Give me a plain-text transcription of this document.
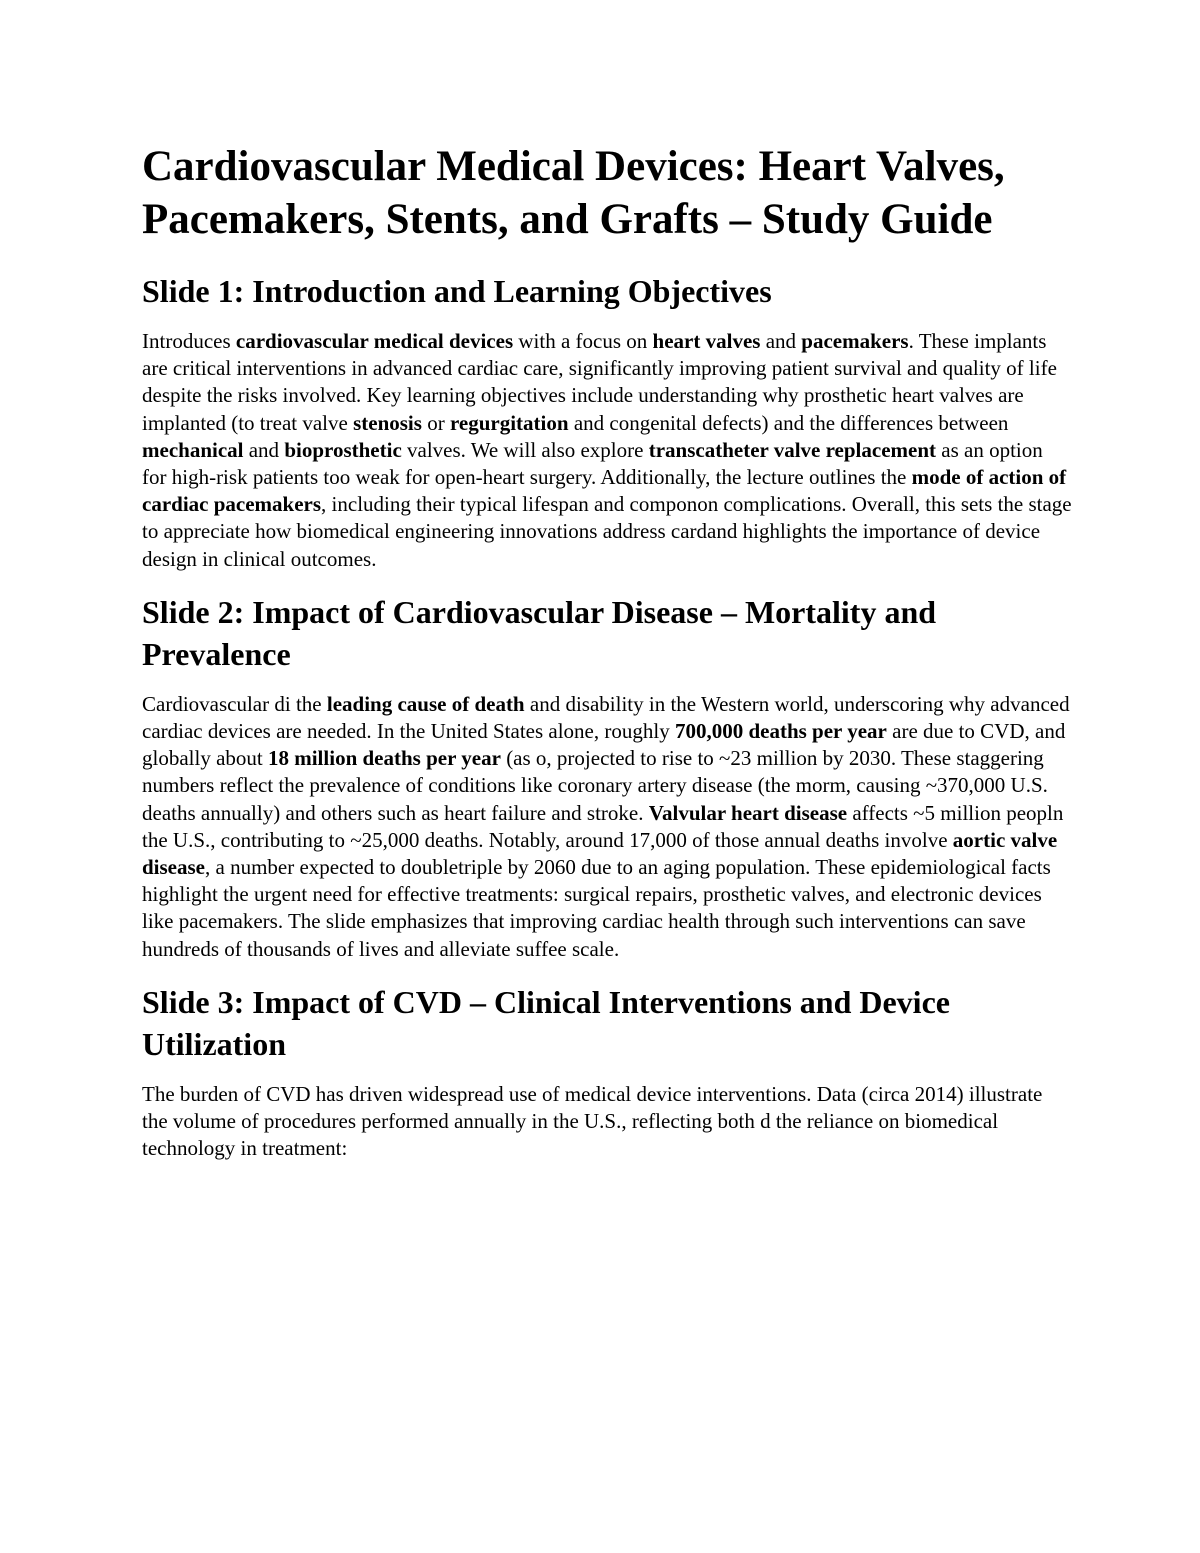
Cardiovascular Medical Devices: Heart Valves, Pacemakers, Stents, and Grafts – Study Guide
Slide 1: Introduction and Learning Objectives

Introduces cardiovascular medical devices with a focus on heart valves and pacemakers. These implants are critical interventions in advanced cardiac care, significantly improving patient survival and quality of life despite the risks involved. Key learning objectives include understanding why prosthetic heart valves are implanted (to treat valve stenosis or regurgitation and congenital defects) and the differences between mechanical and bioprosthetic valves. We will also explore transcatheter valve replacement as an option for high-risk patients too weak for open-heart surgery. Additionally, the lecture outlines the mode of action of cardiac pacemakers, including their typical lifespan and componon complications. Overall, this sets the stage to appreciate how biomedical engineering innovations address cardand highlights the importance of device design in clinical outcomes.

Slide 2: Impact of Cardiovascular Disease – Mortality and Prevalence

Cardiovascular di the leading cause of death and disability in the Western world, underscoring why advanced cardiac devices are needed. In the United States alone, roughly 700,000 deaths per year are due to CVD, and globally about 18 million deaths per year (as o, projected to rise to ~23 million by 2030. These staggering numbers reflect the prevalence of conditions like coronary artery disease (the morm, causing ~370,000 U.S. deaths annually) and others such as heart failure and stroke. Valvular heart disease affects ~5 million peopln the U.S., contributing to ~25,000 deaths. Notably, around 17,000 of those annual deaths involve aortic valve disease, a number expected to doubletriple by 2060 due to an aging population. These epidemiological facts highlight the urgent need for effective treatments: surgical repairs, prosthetic valves, and electronic devices like pacemakers. The slide emphasizes that improving cardiac health through such interventions can save hundreds of thousands of lives and alleviate suffee scale.

Slide 3: Impact of CVD – Clinical Interventions and Device Utilization

The burden of CVD has driven widespread use of medical device interventions. Data (circa 2014) illustrate the volume of procedures performed annually in the U.S., reflecting both d the reliance on biomedical technology in treatment:
